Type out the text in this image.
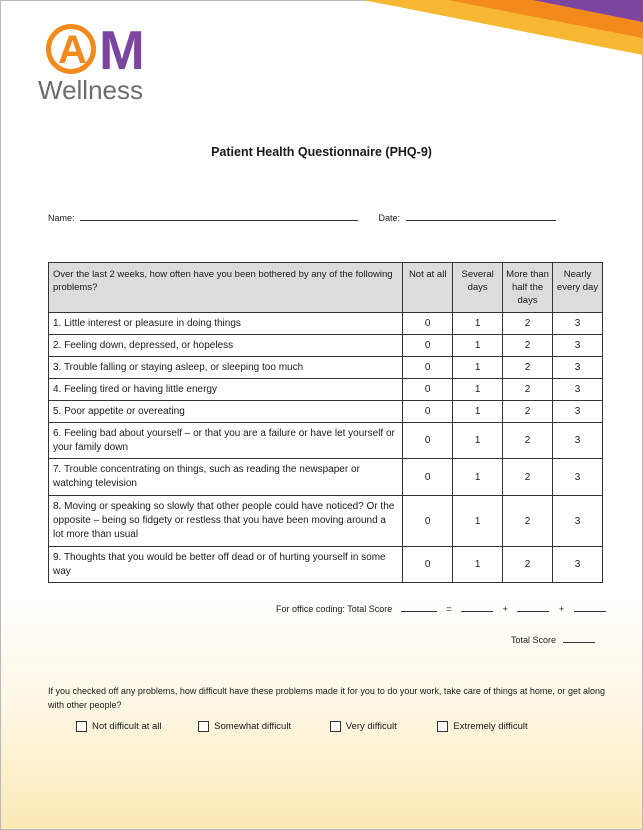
A M
Wellness
Patient Health Questionnaire (PHQ-9)
Name:	Date:
Over the last 2 weeks, how often have you been bothered by any of the following problems?	Not at all	Several days	More than half the days	Nearly every day
1. Little interest or pleasure in doing things	0	1	2	3
2. Feeling down, depressed, or hopeless	0	1	2	3
3. Trouble falling or staying asleep, or sleeping too much	0	1	2	3
4. Feeling tired or having little energy	0	1	2	3
5. Poor appetite or overeating	0	1	2	3
6. Feeling bad about yourself – or that you are a failure or have let yourself or your family down	0	1	2	3
7. Trouble concentrating on things, such as reading the newspaper or watching television	0	1	2	3
8. Moving or speaking so slowly that other people could have noticed? Or the opposite – being so fidgety or restless that you have been moving around a lot more than usual	0	1	2	3
9. Thoughts that you would be better off dead or of hurting yourself in some way	0	1	2	3
For office coding: Total Score	=	+	+
Total Score
If you checked off any problems, how difficult have these problems made it for you to do your work, take care of things at home, or get along with other people?
Not difficult at all
	Somewhat difficult
	Very difficult
	Extremely difficult
